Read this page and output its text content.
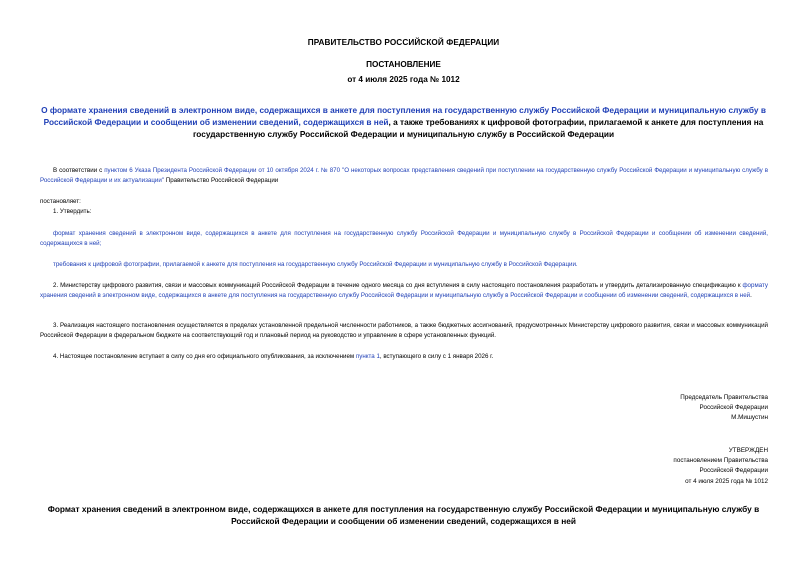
ПРАВИТЕЛЬСТВО РОССИЙСКОЙ ФЕДЕРАЦИИ
ПОСТАНОВЛЕНИЕ
от 4 июля 2025 года № 1012
О формате хранения сведений в электронном виде, содержащихся в анкете для поступления на государственную службу Российской Федерации и муниципальную службу в Российской Федерации и сообщении об изменении сведений, содержащихся в ней, а также требованиях к цифровой фотографии, прилагаемой к анкете для поступления на государственную службу Российской Федерации и муниципальную службу в Российской Федерации
В соответствии с пунктом 6 Указа Президента Российской Федерации от 10 октября 2024 г. № 870 "О некоторых вопросах представления сведений при поступлении на государственную службу Российской Федерации и муниципальную службу в Российской Федерации и их актуализации" Правительство Российской Федерации
постановляет:
1. Утвердить:
формат хранения сведений в электронном виде, содержащихся в анкете для поступления на государственную службу Российской Федерации и муниципальную службу в Российской Федерации и сообщении об изменении сведений, содержащихся в ней;
требования к цифровой фотографии, прилагаемой к анкете для поступления на государственную службу Российской Федерации и муниципальную службу в Российской Федерации.
2. Министерству цифрового развития, связи и массовых коммуникаций Российской Федерации в течение одного месяца со дня вступления в силу настоящего постановления разработать и утвердить детализированную спецификацию к формату хранения сведений в электронном виде, содержащихся в анкете для поступления на государственную службу Российской Федерации и муниципальную службу в Российской Федерации и сообщении об изменении сведений, содержащихся в ней.
3. Реализация настоящего постановления осуществляется в пределах установленной предельной численности работников, а также бюджетных ассигнований, предусмотренных Министерству цифрового развития, связи и массовых коммуникаций Российской Федерации в федеральном бюджете на соответствующий год и плановый период на руководство и управление в сфере установленных функций.
4. Настоящее постановление вступает в силу со дня его официального опубликования, за исключением пункта 1, вступающего в силу с 1 января 2026 г.
Председатель Правительства
Российской Федерации
М.Мишустин
УТВЕРЖДЕН
постановлением Правительства
Российской Федерации
от 4 июля 2025 года № 1012
Формат хранения сведений в электронном виде, содержащихся в анкете для поступления на государственную службу Российской Федерации и муниципальную службу в Российской Федерации и сообщении об изменении сведений, содержащихся в ней
